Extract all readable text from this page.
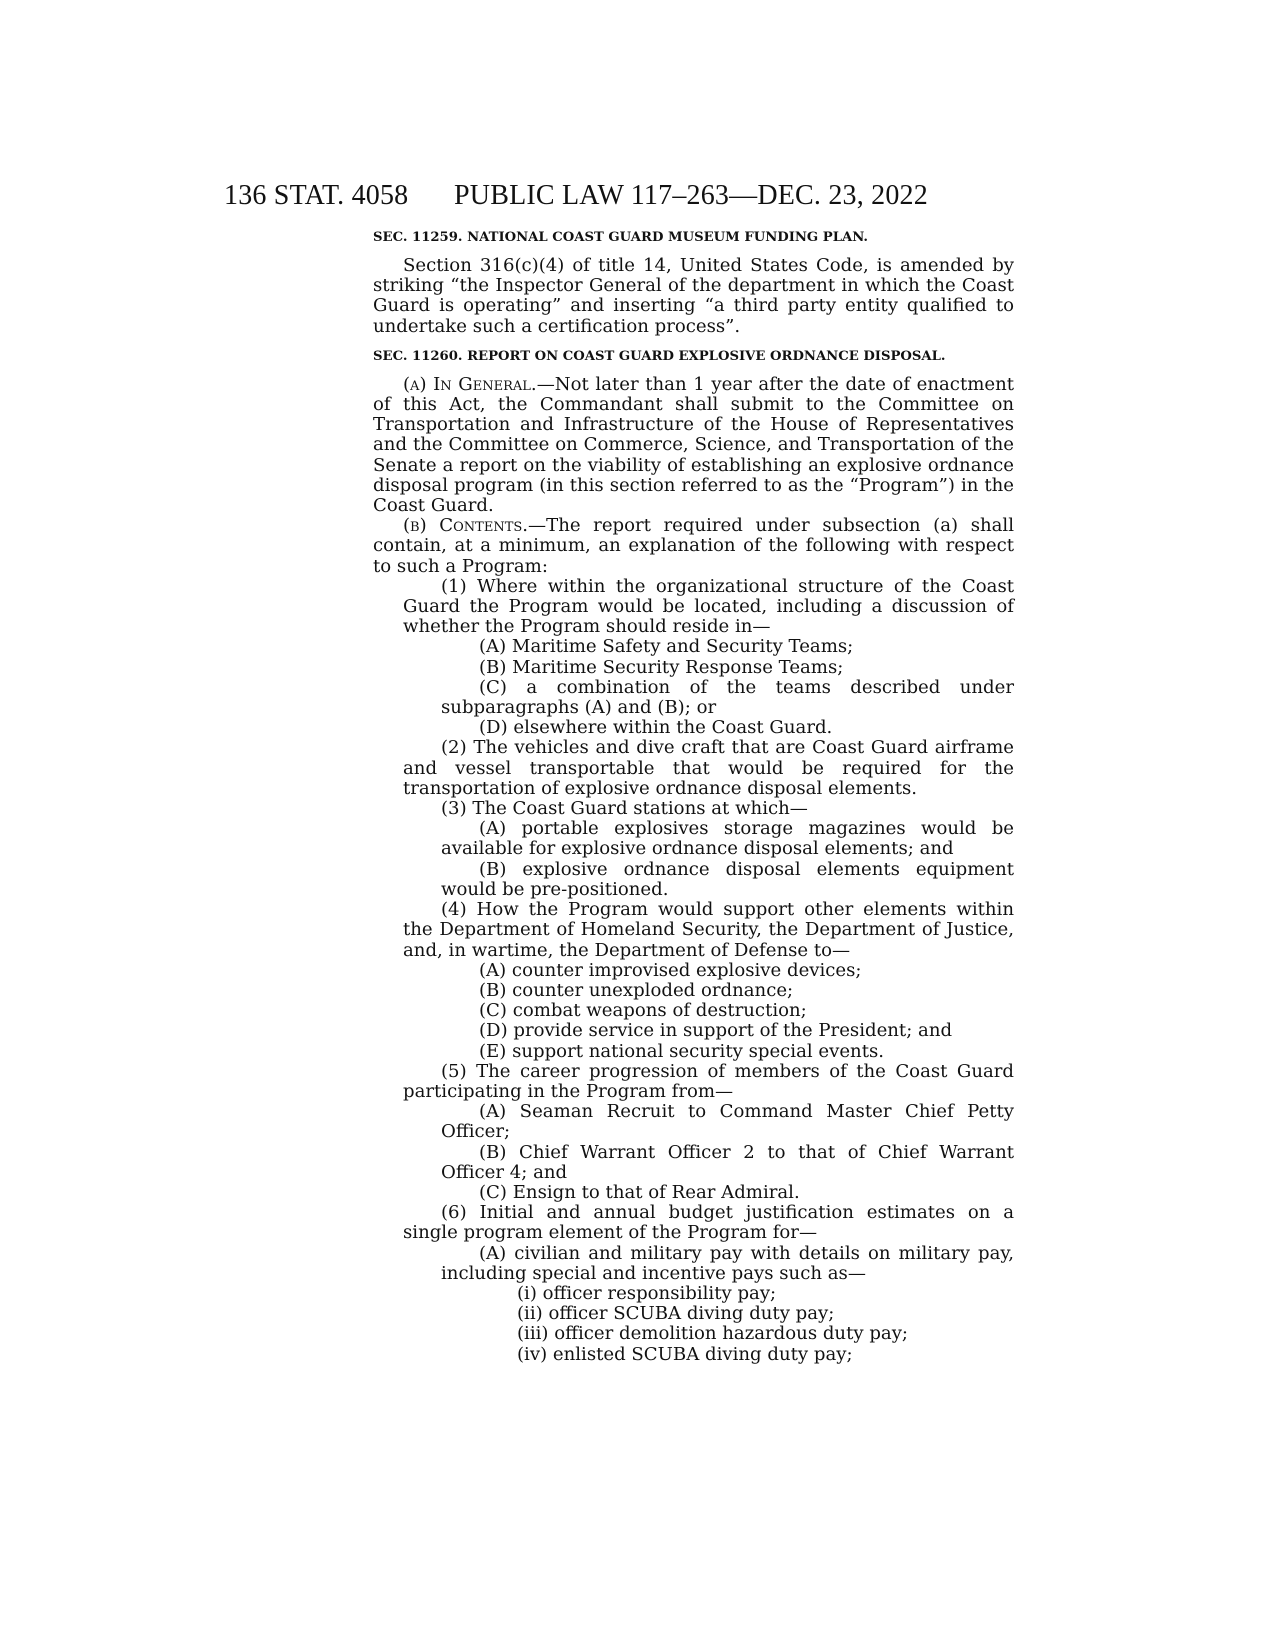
136 STAT. 4058 PUBLIC LAW 117–263—DEC. 23, 2022

SEC. 11259. NATIONAL COAST GUARD MUSEUM FUNDING PLAN.

Section 316(c)(4) of title 14, United States Code, is amended by striking “the Inspector General of the department in which the Coast Guard is operating” and inserting “a third party entity qualified to undertake such a certification process”.

SEC. 11260. REPORT ON COAST GUARD EXPLOSIVE ORDNANCE DISPOSAL.

(a) In General.—Not later than 1 year after the date of enactment of this Act, the Commandant shall submit to the Committee on Transportation and Infrastructure of the House of Representatives and the Committee on Commerce, Science, and Transportation of the Senate a report on the viability of establishing an explosive ordnance disposal program (in this section referred to as the “Program”) in the Coast Guard.

(b) Contents.—The report required under subsection (a) shall contain, at a minimum, an explanation of the following with respect to such a Program:

(1) Where within the organizational structure of the Coast Guard the Program would be located, including a discussion of whether the Program should reside in—

(A) Maritime Safety and Security Teams;

(B) Maritime Security Response Teams;

(C) a combination of the teams described under subparagraphs (A) and (B); or

(D) elsewhere within the Coast Guard.

(2) The vehicles and dive craft that are Coast Guard airframe and vessel transportable that would be required for the transportation of explosive ordnance disposal elements.

(3) The Coast Guard stations at which—

(A) portable explosives storage magazines would be available for explosive ordnance disposal elements; and

(B) explosive ordnance disposal elements equipment would be pre-positioned.

(4) How the Program would support other elements within the Department of Homeland Security, the Department of Justice, and, in wartime, the Department of Defense to—

(A) counter improvised explosive devices;

(B) counter unexploded ordnance;

(C) combat weapons of destruction;

(D) provide service in support of the President; and

(E) support national security special events.

(5) The career progression of members of the Coast Guard participating in the Program from—

(A) Seaman Recruit to Command Master Chief Petty Officer;

(B) Chief Warrant Officer 2 to that of Chief Warrant Officer 4; and

(C) Ensign to that of Rear Admiral.

(6) Initial and annual budget justification estimates on a single program element of the Program for—

(A) civilian and military pay with details on military pay, including special and incentive pays such as—

(i) officer responsibility pay;

(ii) officer SCUBA diving duty pay;

(iii) officer demolition hazardous duty pay;

(iv) enlisted SCUBA diving duty pay;
